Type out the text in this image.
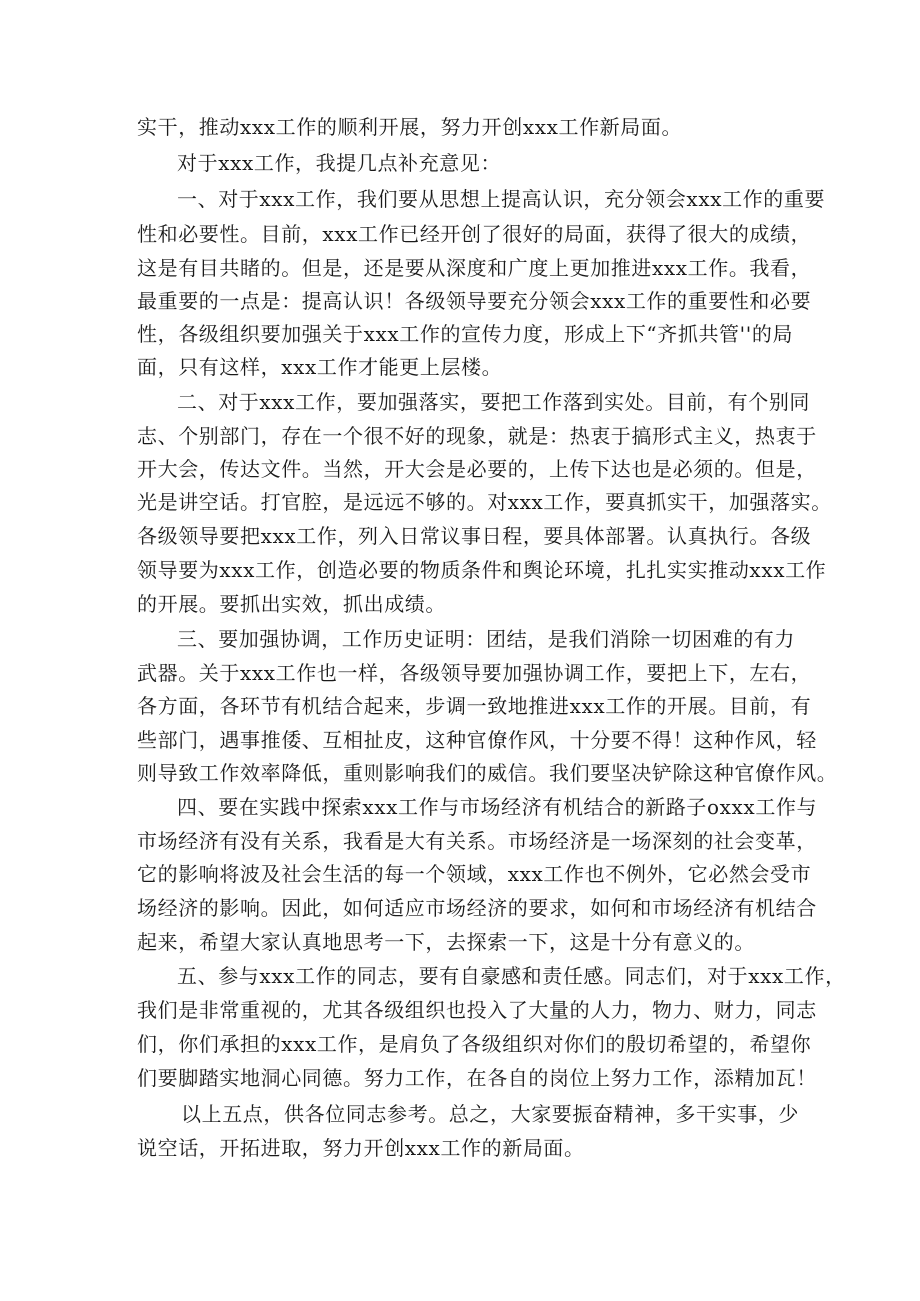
实干，推动xxx工作的顺利开展，努力开创xxx工作新局面。
对于xxx工作，我提几点补充意见：
一、对于xxx工作，我们要从思想上提高认识，充分领会xxx工作的重要
性和必要性。目前，xxx工作已经开创了很好的局面，获得了很大的成绩，
这是有目共睹的。但是，还是要从深度和广度上更加推进xxx工作。我看，
最重要的一点是：提高认识！各级领导要充分领会xxx工作的重要性和必要
性，各级组织要加强关于xxx工作的宣传力度，形成上下“齐抓共管''的局
面，只有这样，xxx工作才能更上层楼。
二、对于xxx工作，要加强落实，要把工作落到实处。目前，有个别同
志、个别部门，存在一个很不好的现象，就是：热衷于搞形式主义，热衷于
开大会，传达文件。当然，开大会是必要的，上传下达也是必须的。但是，
光是讲空话。打官腔，是远远不够的。对xxx工作，要真抓实干，加强落实。
各级领导要把xxx工作，列入日常议事日程，要具体部署。认真执行。各级
领导要为xxx工作，创造必要的物质条件和舆论环境，扎扎实实推动xxx工作
的开展。要抓出实效，抓出成绩。
三、要加强协调，工作历史证明：团结，是我们消除一切困难的有力
武器。关于xxx工作也一样，各级领导要加强协调工作，要把上下，左右，
各方面，各环节有机结合起来，步调一致地推进xxx工作的开展。目前，有
些部门，遇事推倭、互相扯皮，这种官僚作风，十分要不得！这种作风，轻
则导致工作效率降低，重则影响我们的威信。我们要坚决铲除这种官僚作风。
四、要在实践中探索xxx工作与市场经济有机结合的新路子oxxx工作与
市场经济有没有关系，我看是大有关系。市场经济是一场深刻的社会变革，
它的影响将波及社会生活的每一个领域，xxx工作也不例外，它必然会受市
场经济的影响。因此，如何适应市场经济的要求，如何和市场经济有机结合
起来，希望大家认真地思考一下，去探索一下，这是十分有意义的。
五、参与xxx工作的同志，要有自豪感和责任感。同志们，对于xxx工作，
我们是非常重视的，尤其各级组织也投入了大量的人力，物力、财力，同志
们，你们承担的xxx工作，是肩负了各级组织对你们的殷切希望的，希望你
们要脚踏实地洞心同德。努力工作，在各自的岗位上努力工作，添精加瓦！
以上五点，供各位同志参考。总之，大家要振奋精神，多干实事，少
说空话，开拓进取，努力开创xxx工作的新局面。
